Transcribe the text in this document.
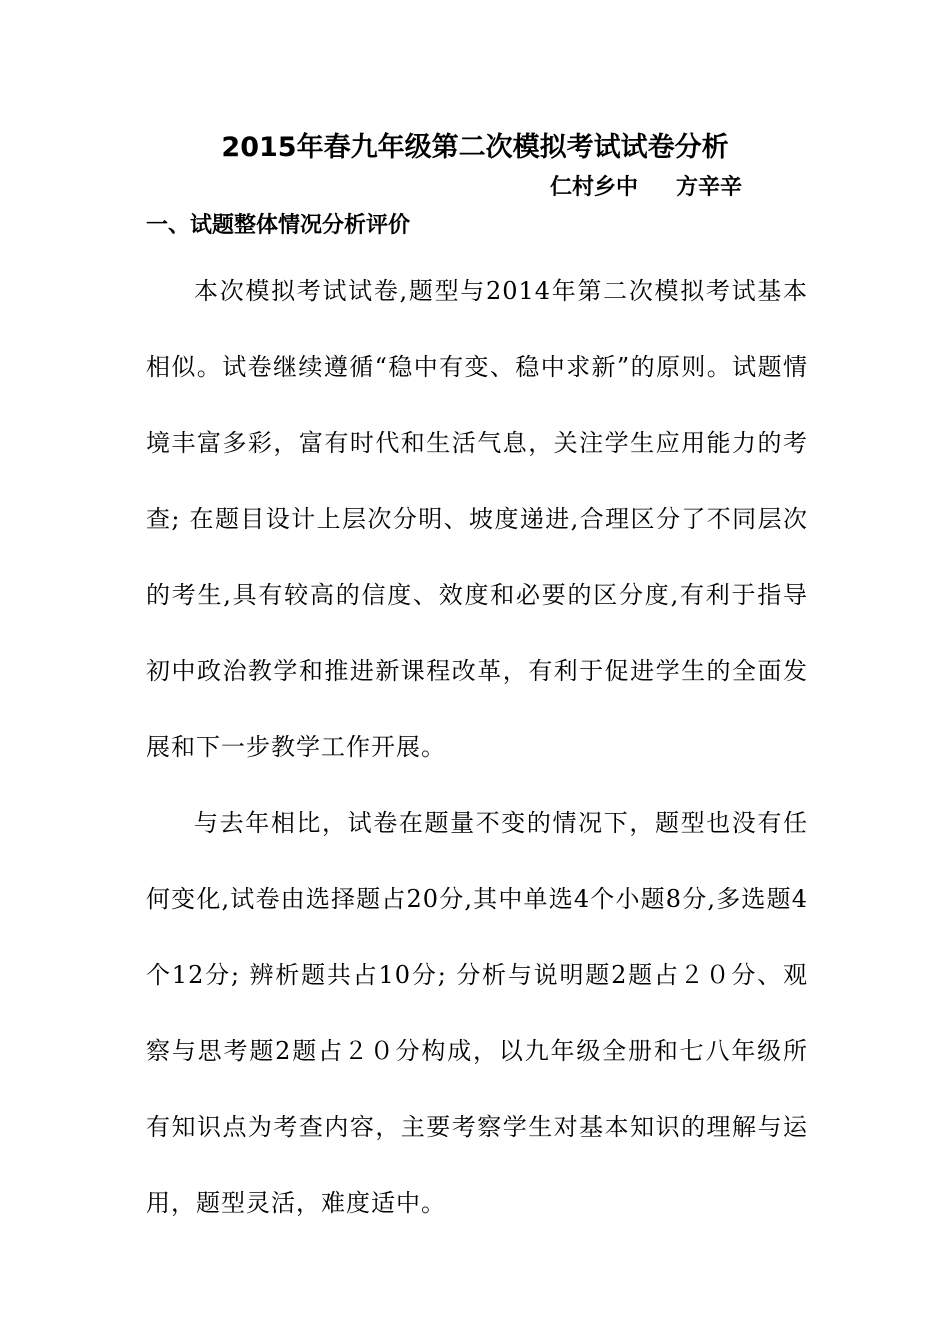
2015年春九年级第二次模拟考试试卷分析
仁村乡中 方辛辛
一、试题整体情况分析评价

本次模拟考试试卷,题型与2014年第二次模拟考试基本相似。试卷继续遵循“稳中有变、稳中求新”的原则。试题情境丰富多彩，富有时代和生活气息，关注学生应用能力的考查; 在题目设计上层次分明、坡度递进,合理区分了不同层次的考生,具有较高的信度、效度和必要的区分度,有利于指导初中政治教学和推进新课程改革，有利于促进学生的全面发展和下一步教学工作开展。

与去年相比，试卷在题量不变的情况下，题型也没有任何变化,试卷由选择题占20分,其中单选4个小题8分,多选题4个12分; 辨析题共占10分; 分析与说明题2题占２０分、观察与思考题2题占２０分构成，以九年级全册和七八年级所有知识点为考查内容，主要考察学生对基本知识的理解与运用，题型灵活，难度适中。
